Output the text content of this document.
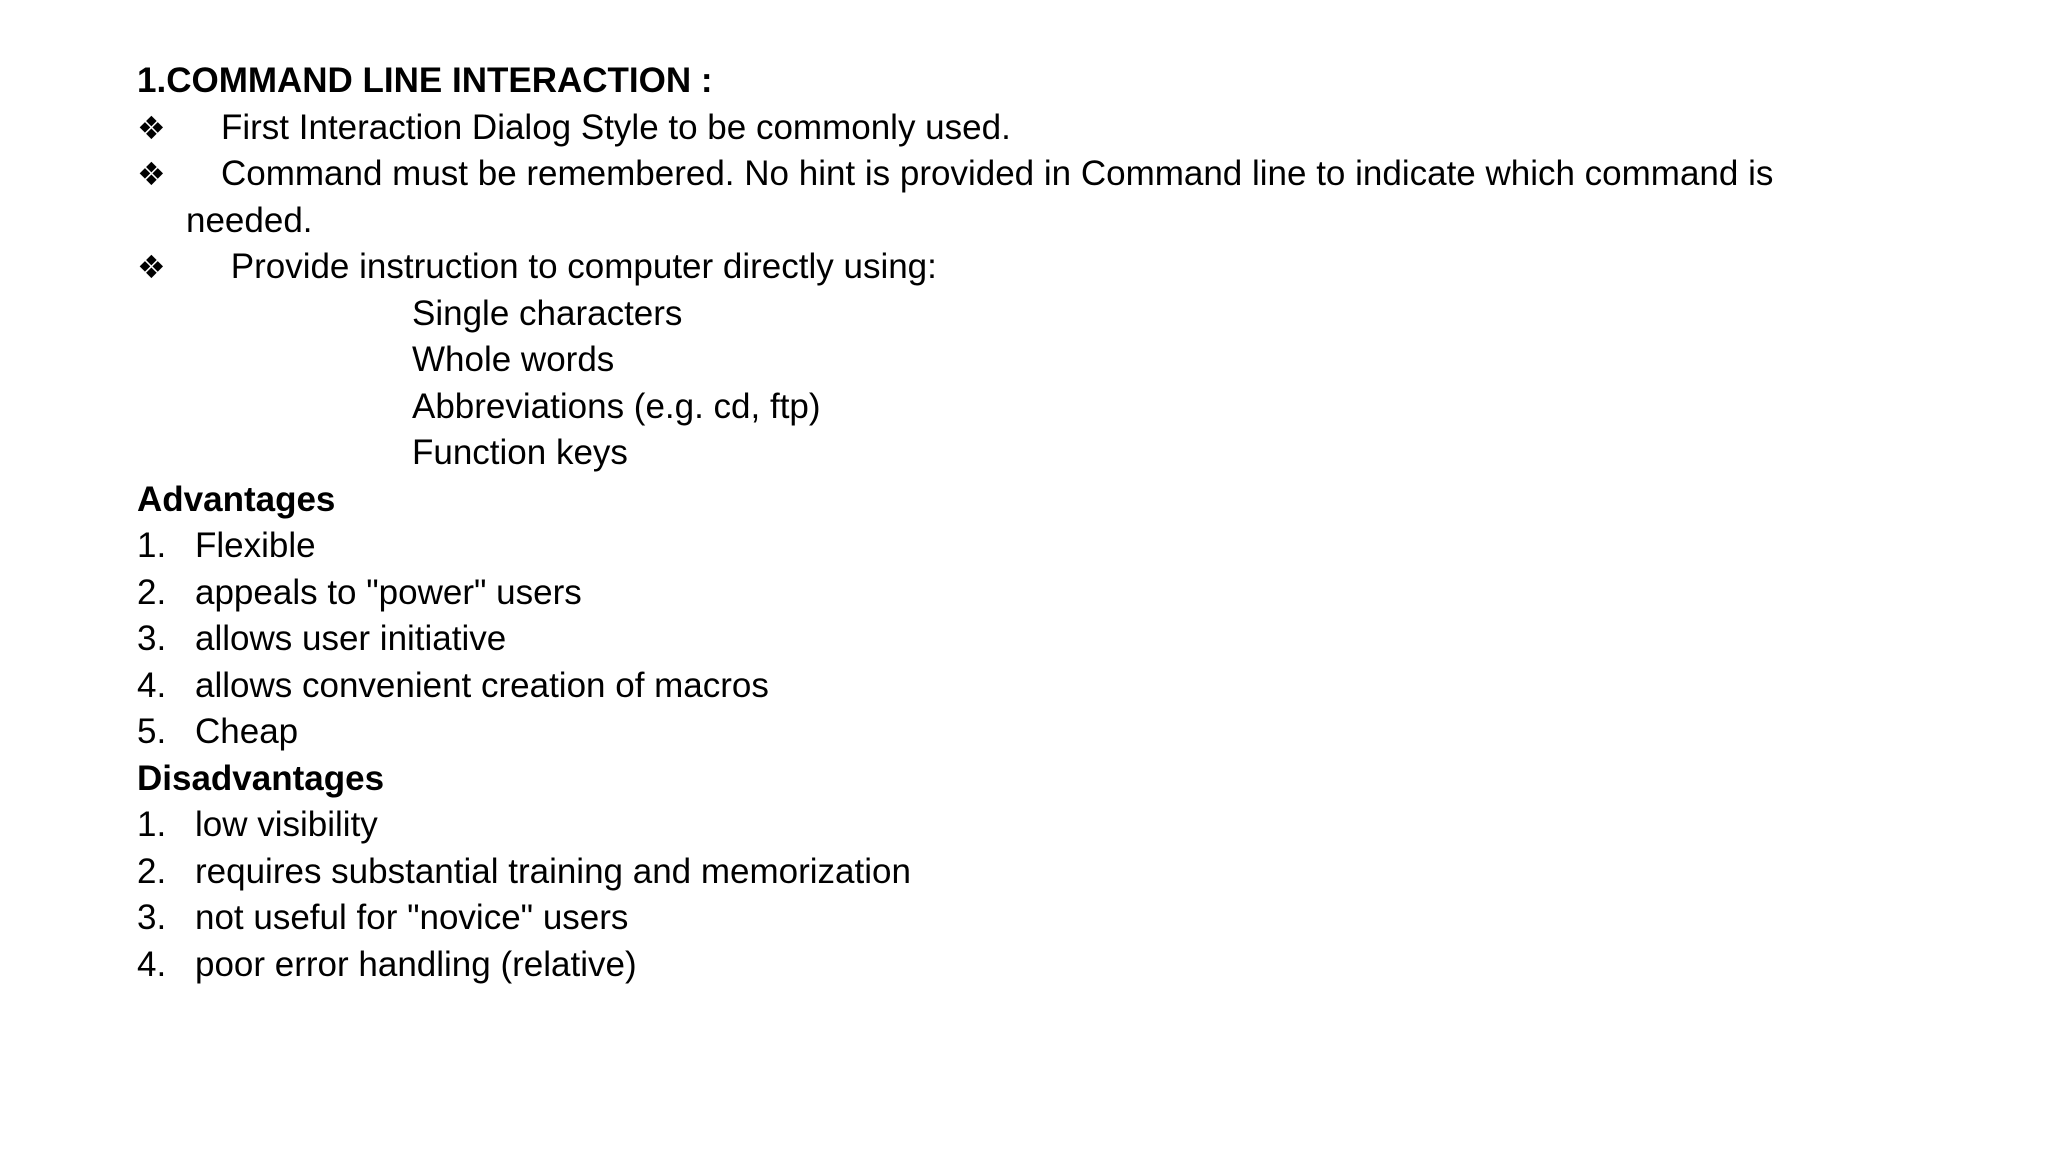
1.COMMAND LINE INTERACTION :
❖ First Interaction Dialog Style to be commonly used.
❖ Command must be remembered. No hint is provided in Command line to indicate which command is
needed.
❖ Provide instruction to computer directly using:
Single characters
Whole words
Abbreviations (e.g. cd, ftp)
Function keys
Advantages
1. Flexible
2. appeals to "power" users
3. allows user initiative
4. allows convenient creation of macros
5. Cheap
Disadvantages
1. low visibility
2. requires substantial training and memorization
3. not useful for "novice" users
4. poor error handling (relative)
